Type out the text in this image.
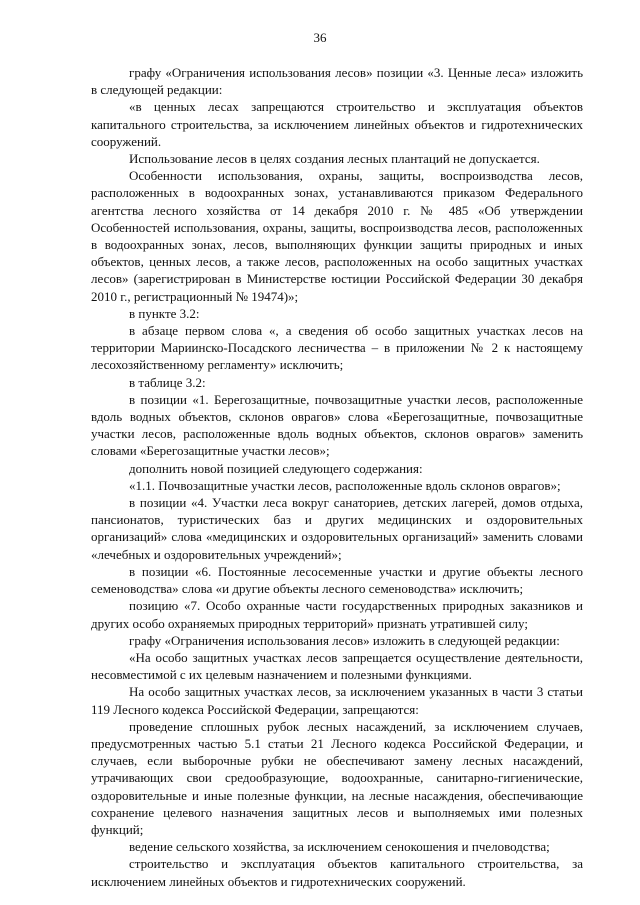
36

графу «Ограничения использования лесов» позиции «3. Ценные леса» изложить в следующей редакции:

«в ценных лесах запрещаются строительство и эксплуатация объектов капитального строительства, за исключением линейных объектов и гидротехнических сооружений.

Использование лесов в целях создания лесных плантаций не допускается.

Особенности использования, охраны, защиты, воспроизводства лесов, расположенных в водоохранных зонах, устанавливаются приказом Федерального агентства лесного хозяйства от 14 декабря 2010 г. № 485 «Об утверждении Особенностей использования, охраны, защиты, воспроизводства лесов, расположенных в водоохранных зонах, лесов, выполняющих функции защиты природных и иных объектов, ценных лесов, а также лесов, расположенных на особо защитных участках лесов» (зарегистрирован в Министерстве юстиции Российской Федерации 30 декабря 2010 г., регистрационный № 19474)»;

в пункте 3.2:

в абзаце первом слова «, а сведения об особо защитных участках лесов на территории Мариинско-Посадского лесничества – в приложении № 2 к настоящему лесохозяйственному регламенту» исключить;

в таблице 3.2:

в позиции «1. Берегозащитные, почвозащитные участки лесов, расположенные вдоль водных объектов, склонов оврагов» слова «Берегозащитные, почвозащитные участки лесов, расположенные вдоль водных объектов, склонов оврагов» заменить словами «Берегозащитные участки лесов»;

дополнить новой позицией следующего содержания:

«1.1. Почвозащитные участки лесов, расположенные вдоль склонов оврагов»;

в позиции «4. Участки леса вокруг санаториев, детских лагерей, домов отдыха, пансионатов, туристических баз и других медицинских и оздоровительных организаций» слова «медицинских и оздоровительных организаций» заменить словами «лечебных и оздоровительных учреждений»;

в позиции «6. Постоянные лесосеменные участки и другие объекты лесного семеноводства» слова «и другие объекты лесного семеноводства» исключить;

позицию «7. Особо охранные части государственных природных заказников и других особо охраняемых природных территорий» признать утратившей силу;

графу «Ограничения использования лесов» изложить в следующей редакции:

«На особо защитных участках лесов запрещается осуществление деятельности, несовместимой с их целевым назначением и полезными функциями.

На особо защитных участках лесов, за исключением указанных в части 3 статьи 119 Лесного кодекса Российской Федерации, запрещаются:

проведение сплошных рубок лесных насаждений, за исключением случаев, предусмотренных частью 5.1 статьи 21 Лесного кодекса Российской Федерации, и случаев, если выборочные рубки не обеспечивают замену лесных насаждений, утрачивающих свои средообразующие, водоохранные, санитарно-гигиенические, оздоровительные и иные полезные функции, на лесные насаждения, обеспечивающие сохранение целевого назначения защитных лесов и выполняемых ими полезных функций;

ведение сельского хозяйства, за исключением сенокошения и пчеловодства;

строительство и эксплуатация объектов капитального строительства, за исключением линейных объектов и гидротехнических сооружений.
